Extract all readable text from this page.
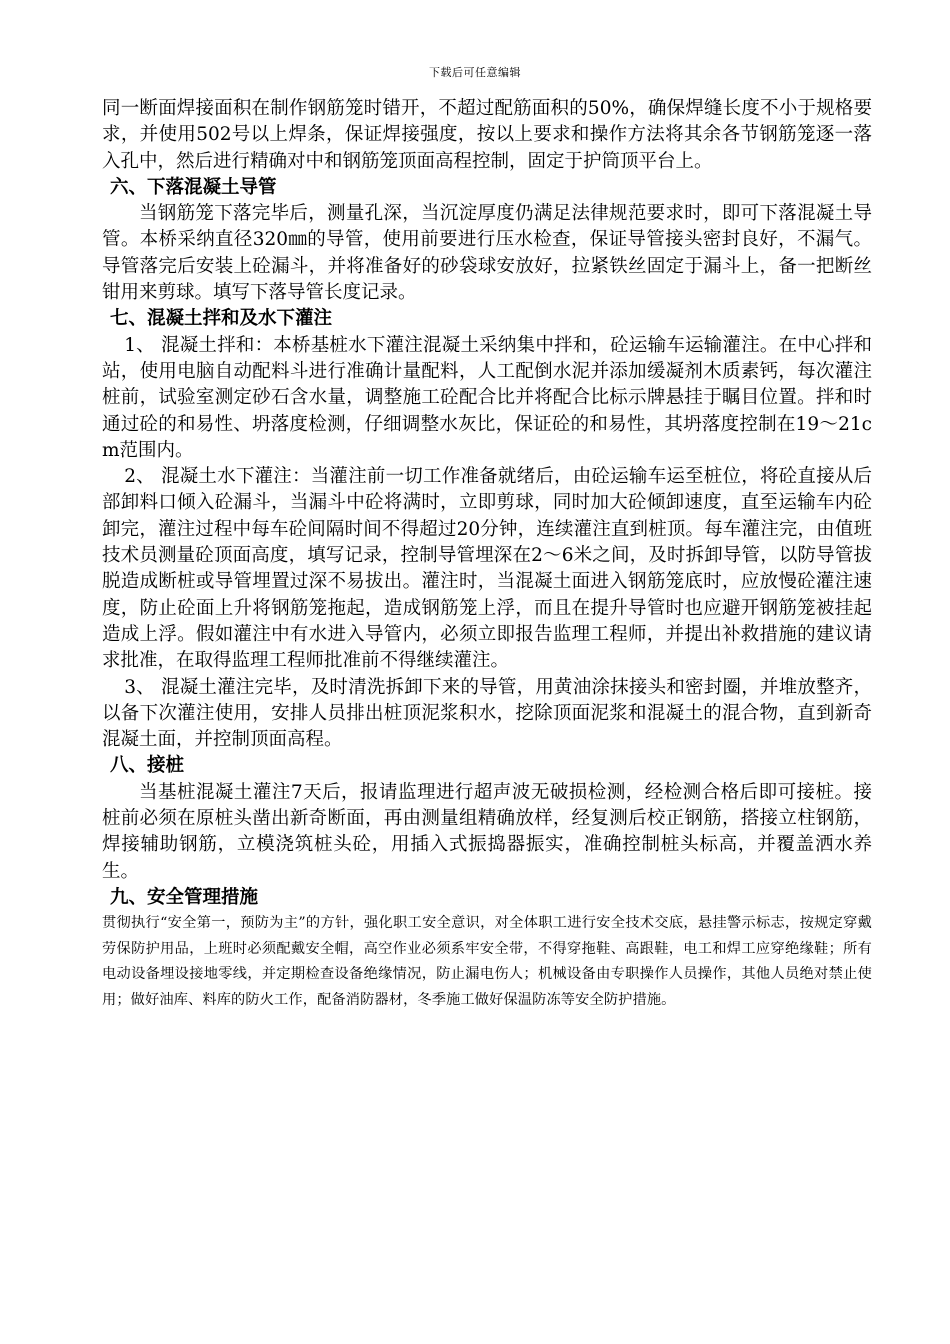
下载后可任意编辑

同一断面焊接面积在制作钢筋笼时错开，不超过配筋面积的50%，确保焊缝长度不小于规格要求，并使用502号以上焊条，保证焊接强度，按以上要求和操作方法将其余各节钢筋笼逐一落入孔中，然后进行精确对中和钢筋笼顶面高程控制，固定于护筒顶平台上。

六、下落混凝土导管

当钢筋笼下落完毕后，测量孔深，当沉淀厚度仍满足法律规范要求时，即可下落混凝土导管。本桥采纳直径320㎜的导管，使用前要进行压水检查，保证导管接头密封良好，不漏气。导管落完后安装上砼漏斗，并将准备好的砂袋球安放好，拉紧铁丝固定于漏斗上，备一把断丝钳用来剪球。填写下落导管长度记录。

七、混凝土拌和及水下灌注

1、 混凝土拌和：本桥基桩水下灌注混凝土采纳集中拌和，砼运输车运输灌注。在中心拌和站，使用电脑自动配料斗进行准确计量配料，人工配倒水泥并添加缓凝剂木质素钙，每次灌注桩前，试验室测定砂石含水量，调整施工砼配合比并将配合比标示牌悬挂于瞩目位置。拌和时通过砼的和易性、坍落度检测，仔细调整水灰比，保证砼的和易性，其坍落度控制在19～21cm范围内。

2、 混凝土水下灌注：当灌注前一切工作准备就绪后，由砼运输车运至桩位，将砼直接从后部卸料口倾入砼漏斗，当漏斗中砼将满时，立即剪球，同时加大砼倾卸速度，直至运输车内砼卸完，灌注过程中每车砼间隔时间不得超过20分钟，连续灌注直到桩顶。每车灌注完，由值班技术员测量砼顶面高度，填写记录，控制导管埋深在2～6米之间，及时拆卸导管，以防导管拔脱造成断桩或导管埋置过深不易拔出。灌注时，当混凝土面进入钢筋笼底时，应放慢砼灌注速度，防止砼面上升将钢筋笼拖起，造成钢筋笼上浮，而且在提升导管时也应避开钢筋笼被挂起造成上浮。假如灌注中有水进入导管内，必须立即报告监理工程师，并提出补救措施的建议请求批准，在取得监理工程师批准前不得继续灌注。

3、 混凝土灌注完毕，及时清洗拆卸下来的导管，用黄油涂抹接头和密封圈，并堆放整齐，以备下次灌注使用，安排人员排出桩顶泥浆积水，挖除顶面泥浆和混凝土的混合物，直到新奇混凝土面，并控制顶面高程。

八、接桩

当基桩混凝土灌注7天后，报请监理进行超声波无破损检测，经检测合格后即可接桩。接桩前必须在原桩头凿出新奇断面，再由测量组精确放样，经复测后校正钢筋，搭接立柱钢筋，焊接辅助钢筋，立模浇筑桩头砼，用插入式振捣器振实，准确控制桩头标高，并覆盖洒水养生。

九、安全管理措施

贯彻执行“安全第一，预防为主”的方针，强化职工安全意识，对全体职工进行安全技术交底，悬挂警示标志，按规定穿戴劳保防护用品，上班时必须配戴安全帽，高空作业必须系牢安全带，不得穿拖鞋、高跟鞋，电工和焊工应穿绝缘鞋；所有电动设备埋设接地零线，并定期检查设备绝缘情况，防止漏电伤人；机械设备由专职操作人员操作，其他人员绝对禁止使用；做好油库、料库的防火工作，配备消防器材，冬季施工做好保温防冻等安全防护措施。
